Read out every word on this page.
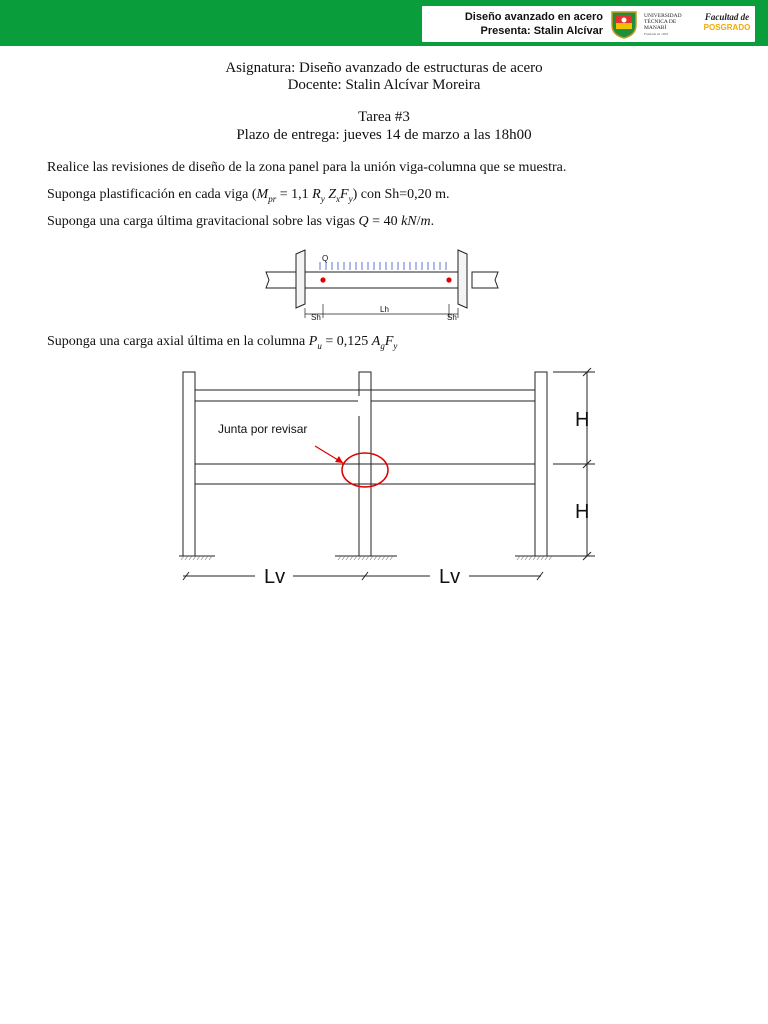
Diseño avanzado en acero
Presenta: Stalin Alcívar
UNIVERSIDAD
TÉCNICA DE
MANABÍ
Fundada en 1952
Facultad de
POSGRADO
Asignatura: Diseño avanzado de estructuras de acero
Docente: Stalin Alcívar Moreira
Tarea #3
Plazo de entrega: jueves 14 de marzo a las 18h00
Realice las revisiones de diseño de la zona panel para la unión viga-columna que se muestra.
Suponga plastificación en cada viga ($M_{pr} = 1,1$ $R_y$ $Z_xF_y$) con Sh=0,20 m.
Suponga una carga última gravitacional sobre las vigas Q = 40 kN/m.
Q
Sh
Lh
Sh
Suponga una carga axial última en la columna $P_u = 0,125$ $A_gF_y$
Junta por revisar	H
H
Lv	Lv
